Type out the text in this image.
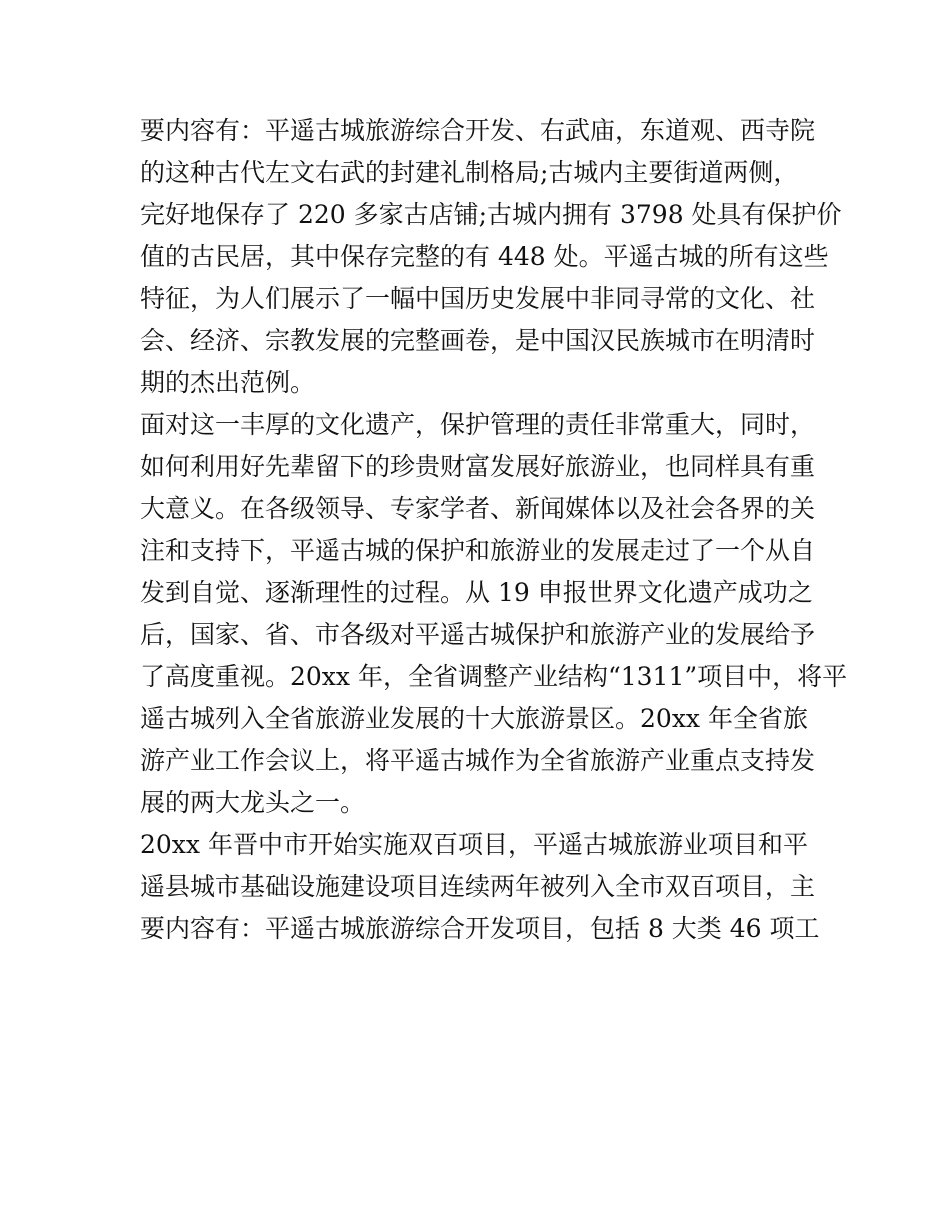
要内容有：平遥古城旅游综合开发、右武庙，东道观、西寺院
的这种古代左文右武的封建礼制格局;古城内主要街道两侧，
完好地保存了 220 多家古店铺;古城内拥有 3798 处具有保护价
值的古民居，其中保存完整的有 448 处。平遥古城的所有这些
特征，为人们展示了一幅中国历史发展中非同寻常的文化、社
会、经济、宗教发展的完整画卷，是中国汉民族城市在明清时
期的杰出范例。
面对这一丰厚的文化遗产，保护管理的责任非常重大，同时，
如何利用好先辈留下的珍贵财富发展好旅游业，也同样具有重
大意义。在各级领导、专家学者、新闻媒体以及社会各界的关
注和支持下，平遥古城的保护和旅游业的发展走过了一个从自
发到自觉、逐渐理性的过程。从 19 申报世界文化遗产成功之
后，国家、省、市各级对平遥古城保护和旅游产业的发展给予
了高度重视。20xx 年，全省调整产业结构“1311”项目中，将平
遥古城列入全省旅游业发展的十大旅游景区。20xx 年全省旅
游产业工作会议上，将平遥古城作为全省旅游产业重点支持发
展的两大龙头之一。
20xx 年晋中市开始实施双百项目，平遥古城旅游业项目和平
遥县城市基础设施建设项目连续两年被列入全市双百项目，主
要内容有：平遥古城旅游综合开发项目，包括 8 大类 46 项工
